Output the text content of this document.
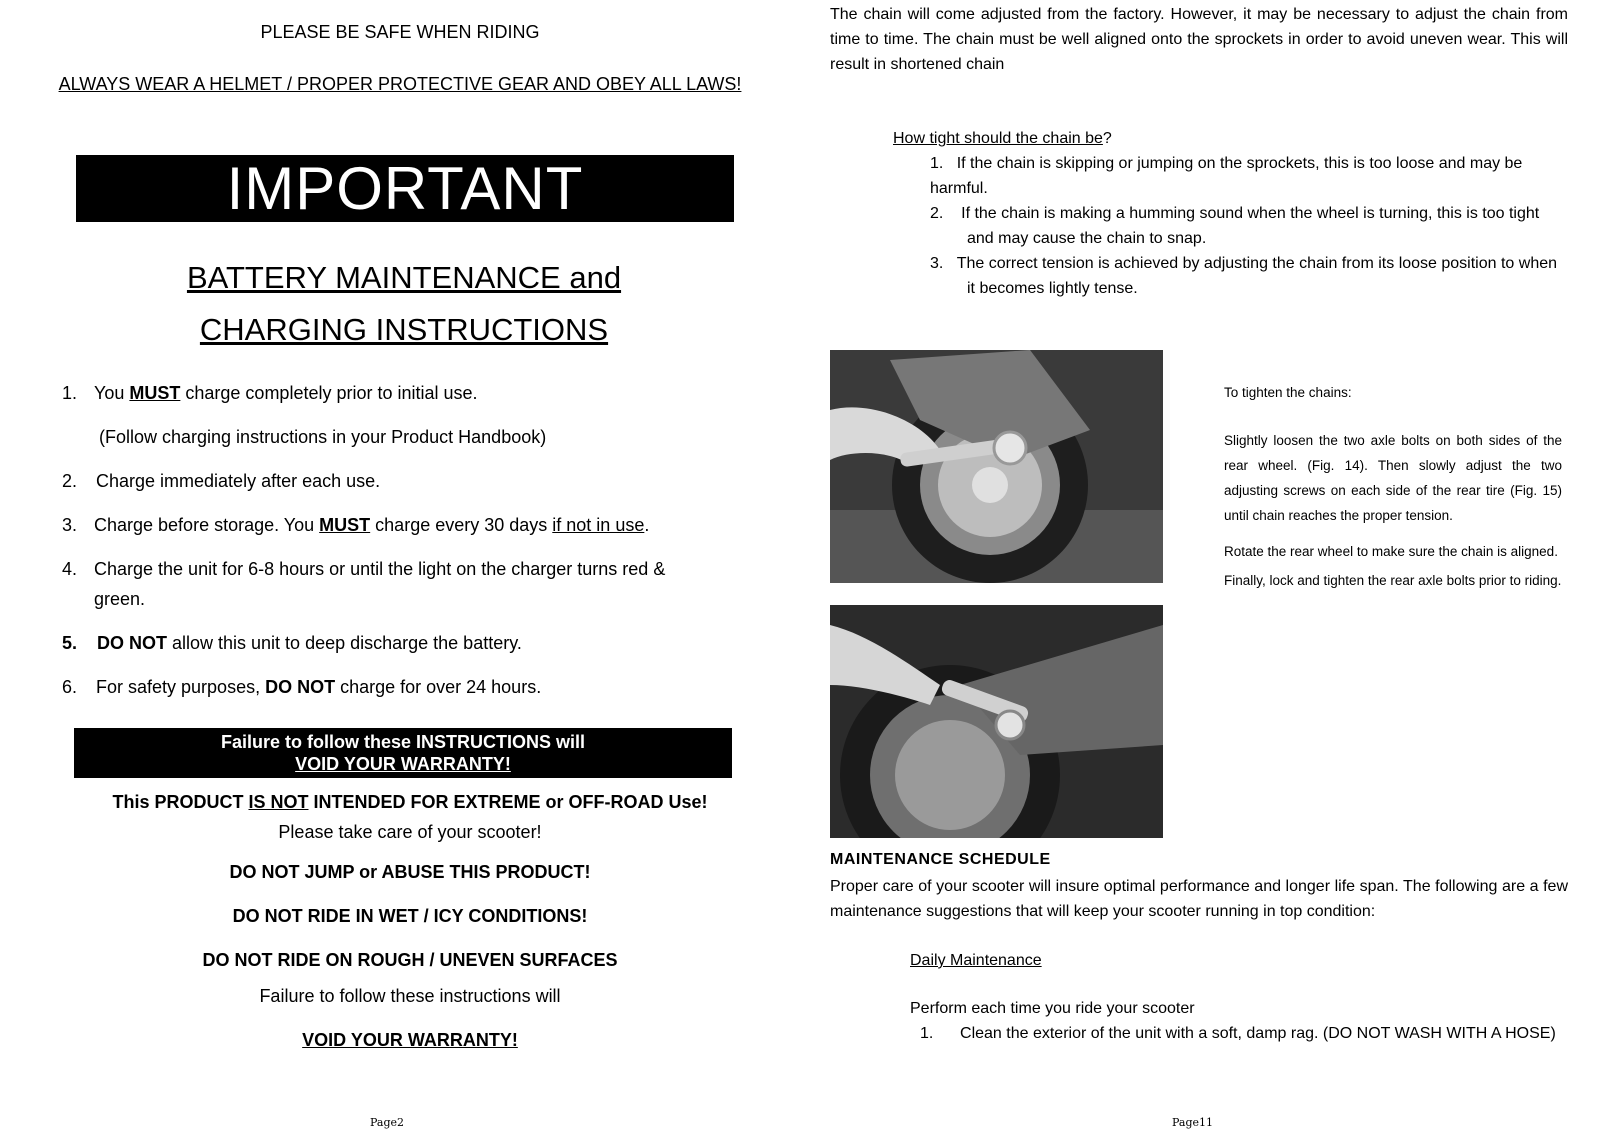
PLEASE BE SAFE WHEN RIDING
ALWAYS WEAR A HELMET / PROPER PROTECTIVE GEAR AND OBEY ALL LAWS!
IMPORTANT
BATTERY MAINTENANCE and
CHARGING INSTRUCTIONS
1. You MUST charge completely prior to initial use.
(Follow charging instructions in your Product Handbook)
2.	Charge immediately after each use.
3. Charge before storage. You MUST charge every 30 days if not in use.
4. Charge the unit for 6-8 hours or until the light on the charger turns red & green.
5.	DO NOT allow this unit to deep discharge the battery.
6.	For safety purposes, DO NOT charge for over 24 hours.
Failure to follow these INSTRUCTIONS will
VOID YOUR WARRANTY!
This PRODUCT IS NOT INTENDED FOR EXTREME or OFF-ROAD Use!
Please take care of your scooter!
DO NOT JUMP or ABUSE THIS PRODUCT!
DO NOT RIDE IN WET / ICY CONDITIONS!
DO NOT RIDE ON ROUGH / UNEVEN SURFACES
Failure to follow these instructions will
VOID YOUR WARRANTY!
Page2
The chain will come adjusted from the factory. However, it may be necessary to adjust the chain from time to time. The chain must be well aligned onto the sprockets in order to avoid uneven wear. This will result in shortened chain
How tight should the chain be?
1. If the chain is skipping or jumping on the sprockets, this is too loose and may be harmful.
2. If the chain is making a humming sound when the wheel is turning, this is too tight and may cause the chain to snap.
3. The correct tension is achieved by adjusting the chain from its loose position to when it becomes lightly tense.

To tighten the chains:

Slightly loosen the two axle bolts on both sides of the rear wheel. (Fig. 14). Then slowly adjust the two adjusting screws on each side of the rear tire (Fig. 15) until chain reaches the proper tension.

Rotate the rear wheel to make sure the chain is aligned.

Finally, lock and tighten the rear axle bolts prior to riding.

MAINTENANCE SCHEDULE
Proper care of your scooter will insure optimal performance and longer life span. The following are a few maintenance suggestions that will keep your scooter running in top condition:
Daily Maintenance
Perform each time you ride your scooter
1. Clean the exterior of the unit with a soft, damp rag. (DO NOT WASH WITH A HOSE)
Page11
